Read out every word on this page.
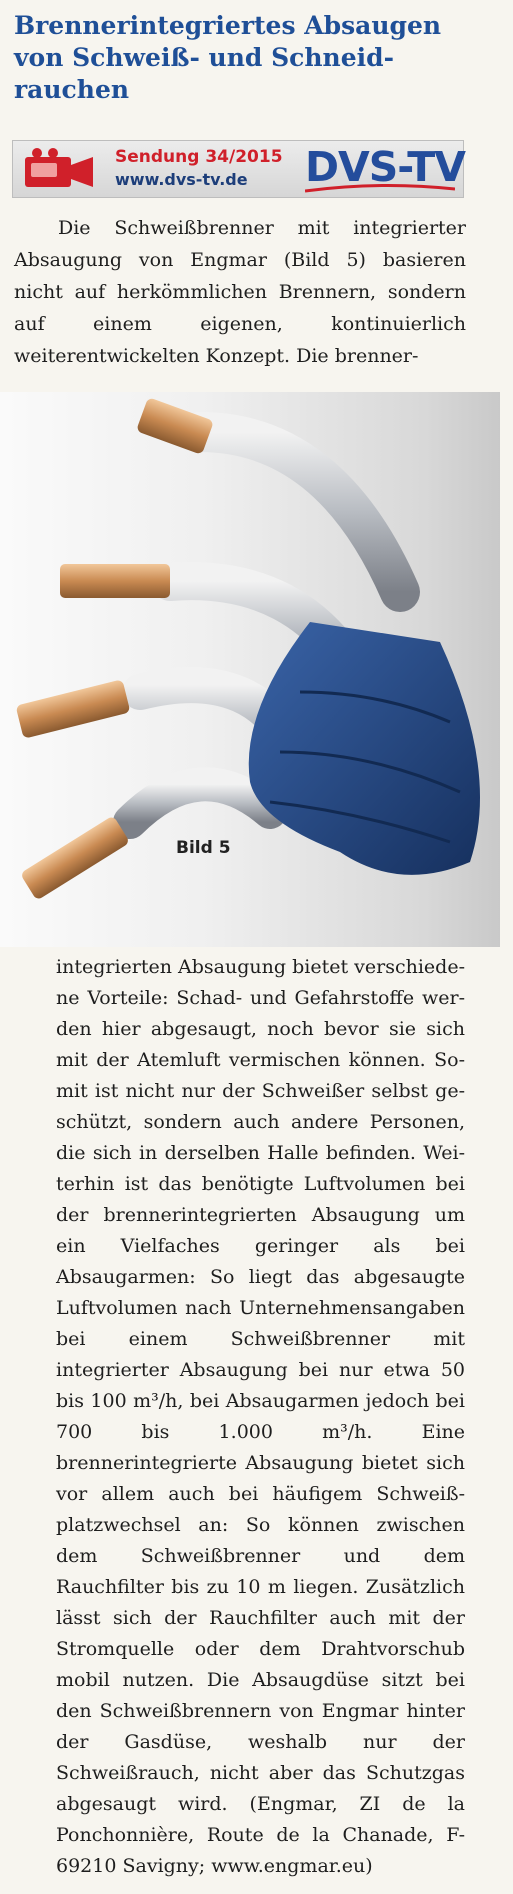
Brennerintegriertes Absaugen von Schweiß- und Schneidrauchen
Sendung 34/2015
www.dvs-tv.de DVS-TV

Die Schweißbrenner mit integrierter Absaugung von Engmar (Bild 5) basieren nicht auf herkömmlichen Brennern, sondern auf einem eigenen, kontinuierlich weiterentwickelten Konzept. Die brenner-

Bild 5

integrierten Absaugung bietet verschiedene Vorteile: Schad- und Gefahrstoffe werden hier abgesaugt, noch bevor sie sich mit der Atemluft vermischen können. Somit ist nicht nur der Schweißer selbst geschützt, sondern auch andere Personen, die sich in derselben Halle befinden. Weiterhin ist das benötigte Luftvolumen bei der brennerintegrierten Absaugung um ein Vielfaches geringer als bei Absaugarmen: So liegt das abgesaugte Luftvolumen nach Unternehmensangaben bei einem Schweißbrenner mit integrierter Absaugung bei nur etwa 50 bis 100 m³/h, bei Absaugarmen jedoch bei 700 bis 1.000 m³/h. Eine brennerintegrierte Absaugung bietet sich vor allem auch bei häufigem Schweißplatzwechsel an: So können zwischen dem Schweißbrenner und dem Rauchfilter bis zu 10 m liegen. Zusätzlich lässt sich der Rauchfilter auch mit der Stromquelle oder dem Drahtvorschub mobil nutzen. Die Absaugdüse sitzt bei den Schweißbrennern von Engmar hinter der Gasdüse, weshalb nur der Schweißrauch, nicht aber das Schutzgas abgesaugt wird. (Engmar, ZI de la Ponchonnière, Route de la Chanade, F-69210 Savigny; www.engmar.eu)
